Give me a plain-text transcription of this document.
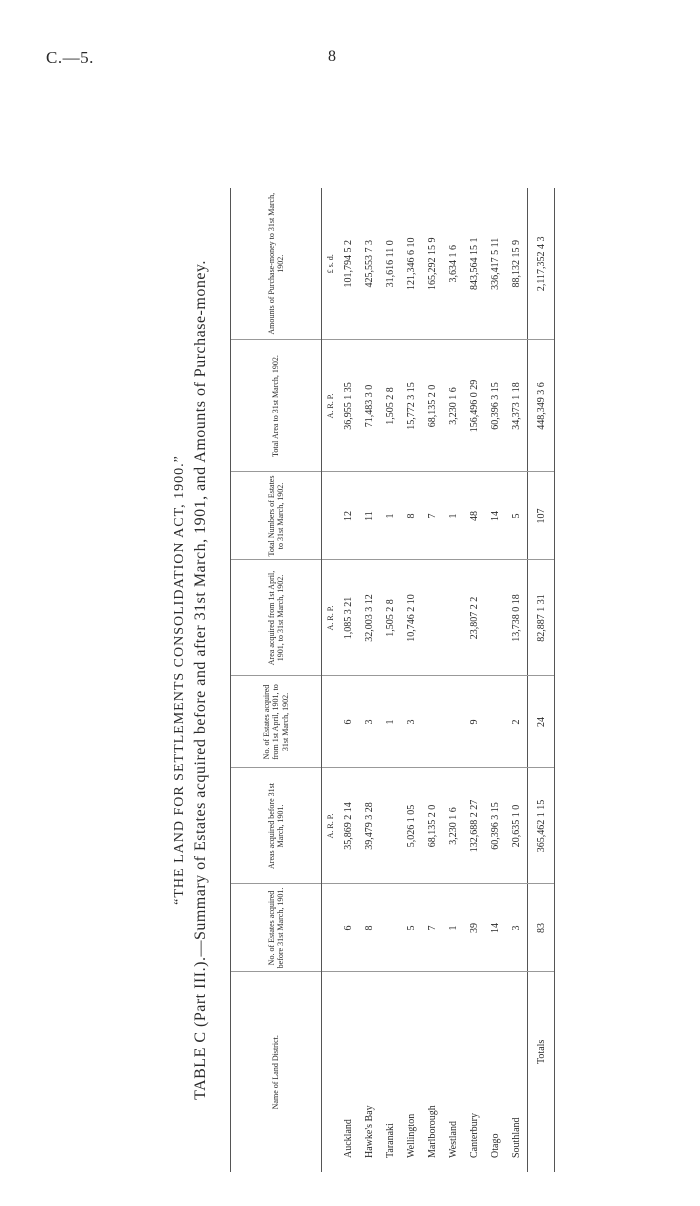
C.—5.	8
“THE LAND FOR SETTLEMENTS CONSOLIDATION ACT, 1900.” TABLE C (Part III.).—Summary of Estates acquired before and after 31st March, 1901, and Amounts of Purchase-money.	Name of Land District.	No. of Estates acquired before 31st March, 1901.	Areas acquired before 31st March, 1901.	No. of Estates acquired from 1st April, 1901, to 31st March, 1902.	Area acquired from 1st April, 1901, to 31st March, 1902.	Total Numbers of Estates to 31st March, 1902.	Total Area to 31st March, 1902.	Amounts of Purchase-money to 31st March, 1902.
		A. R. P.		A. R. P.		A. R. P.	£ s. d.
Auckland	6	35,869 2 14	6	1,085 3 21	12	36,955 1 35	101,794 5 2
Hawke's Bay	8	39,479 3 28	3	32,003 3 12	11	71,483 3 0	425,553 7 3
Taranaki			1	1,505 2 8	1	1,505 2 8	31,616 11 0
Wellington	5	5,026 1 05	3	10,746 2 10	8	15,772 3 15	121,346 6 10
Marlborough	7	68,135 2 0			7	68,135 2 0	165,292 15 9
Westland	1	3,230 1 6			1	3,230 1 6	3,634 1 6
Canterbury	39	132,688 2 27	9	23,807 2 2	48	156,496 0 29	843,564 15 1
Otago	14	60,396 3 15			14	60,396 3 15	336,417 5 11
Southland	3	20,635 1 0	2	13,738 0 18	5	34,373 1 18	88,132 15 9
Totals	83	365,462 1 15	24	82,887 1 31	107	448,349 3 6	2,117,352 4 3
